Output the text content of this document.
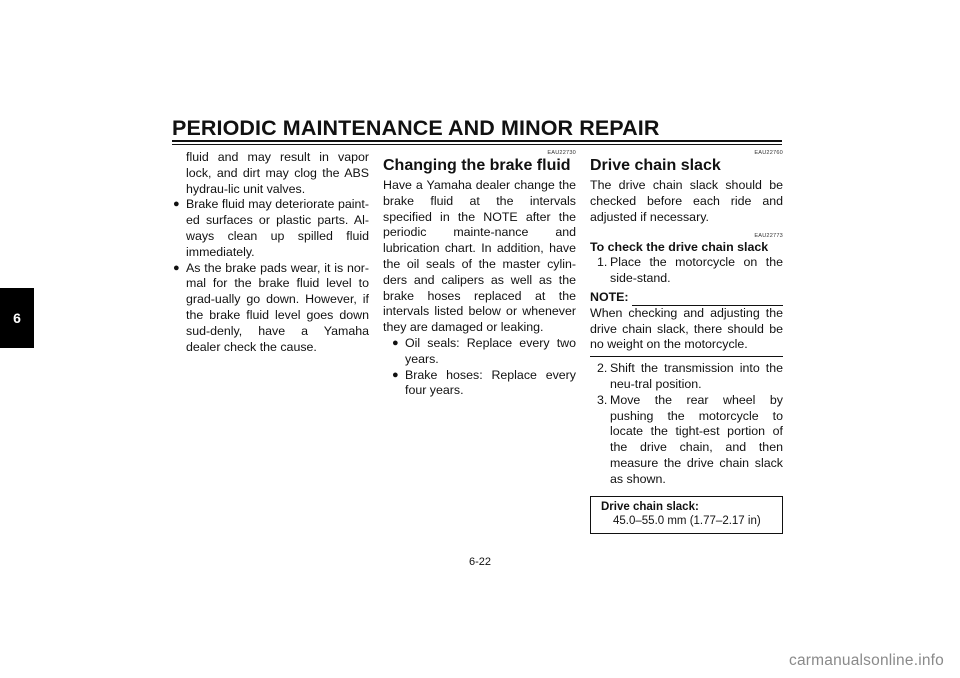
PERIODIC MAINTENANCE AND MINOR REPAIR
6

fluid and may result in vapor lock, and dirt may clog the ABS hydrau-lic unit valves.

● Brake fluid may deteriorate paint-ed surfaces or plastic parts. Al-ways clean up spilled fluid immediately.
● As the brake pads wear, it is nor-mal for the brake fluid level to grad-ually go down. However, if the brake fluid level goes down sud-denly, have a Yamaha dealer check the cause.
EAU22730
Changing the brake fluid

Have a Yamaha dealer change the brake fluid at the intervals specified in the NOTE after the periodic mainte-nance and lubrication chart. In addition, have the oil seals of the master cylin-ders and calipers as well as the brake hoses replaced at the intervals listed below or whenever they are damaged or leaking.

● Oil seals: Replace every two years.
● Brake hoses: Replace every four years.
EAU22760
Drive chain slack

The drive chain slack should be checked before each ride and adjusted if necessary.

EAU22773
To check the drive chain slack
1. Place the motorcycle on the side-stand.
NOTE:

When checking and adjusting the drive chain slack, there should be no weight on the motorcycle.

2. Shift the transmission into the neu-tral position.
3. Move the rear wheel by pushing the motorcycle to locate the tight-est portion of the drive chain, and then measure the drive chain slack as shown.
Drive chain slack:
45.0–55.0 mm (1.77–2.17 in)
6-22
carmanualsonline.info
